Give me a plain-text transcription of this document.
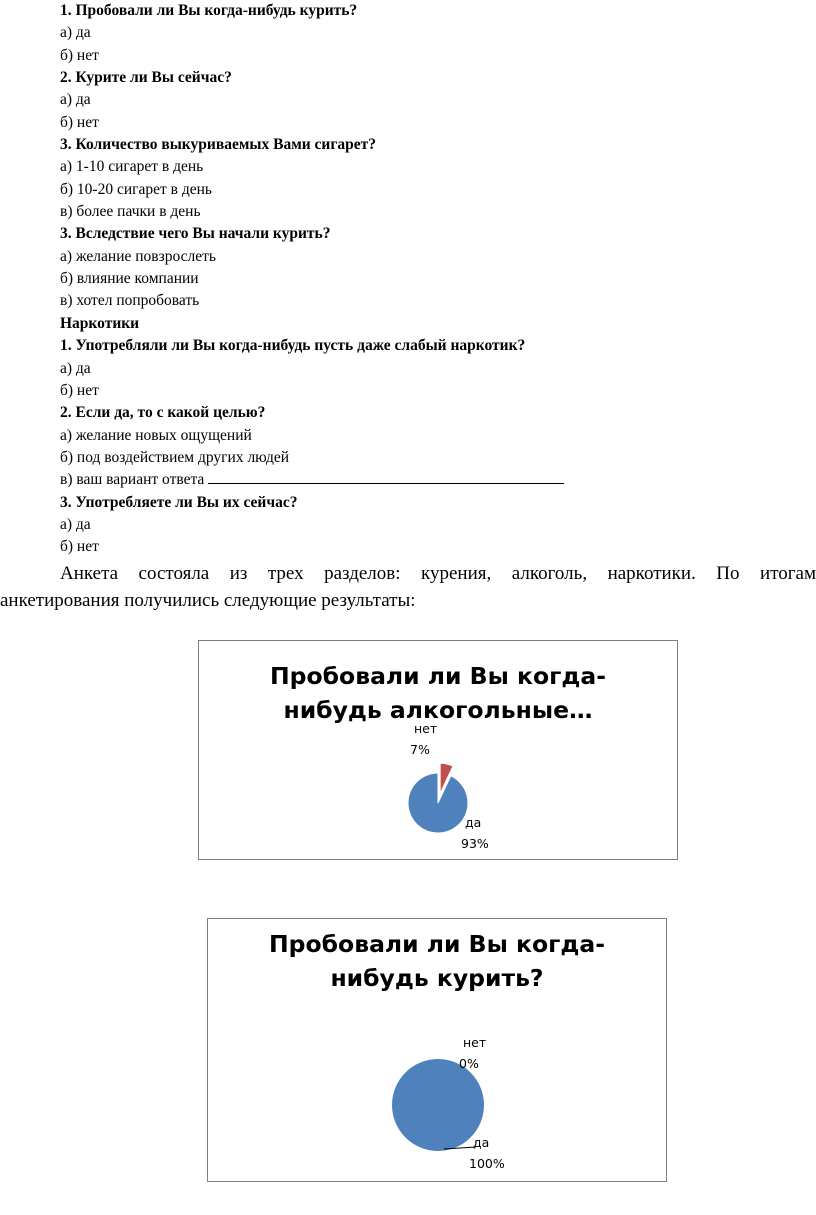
1. Пробовали ли Вы когда-нибудь курить?
а) да
б) нет
2. Курите ли Вы сейчас?
а) да
б) нет
3. Количество выкуриваемых Вами сигарет?
а) 1-10 сигарет в день
б) 10-20 сигарет в день
в) более пачки в день
3. Вследствие чего Вы начали курить?
а) желание повзрослеть
б) влияние компании
в) хотел попробовать
Наркотики
1. Употребляли ли Вы когда-нибудь пусть даже слабый наркотик?
а) да
б) нет
2. Если да, то с какой целью?
а) желание новых ощущений
б) под воздействием других людей
в) ваш вариант ответа
3. Употребляете ли Вы их сейчас?
а) да
б) нет
Анкета состояла из трех разделов: курения, алкоголь, наркотики. По итогам
анкетирования получились следующие результаты:
Пробовали ли Вы когда-
нибудь алкогольные…
да
93%
нет
7%
Пробовали ли Вы когда-
нибудь курить?
да
100%
нет
0%
